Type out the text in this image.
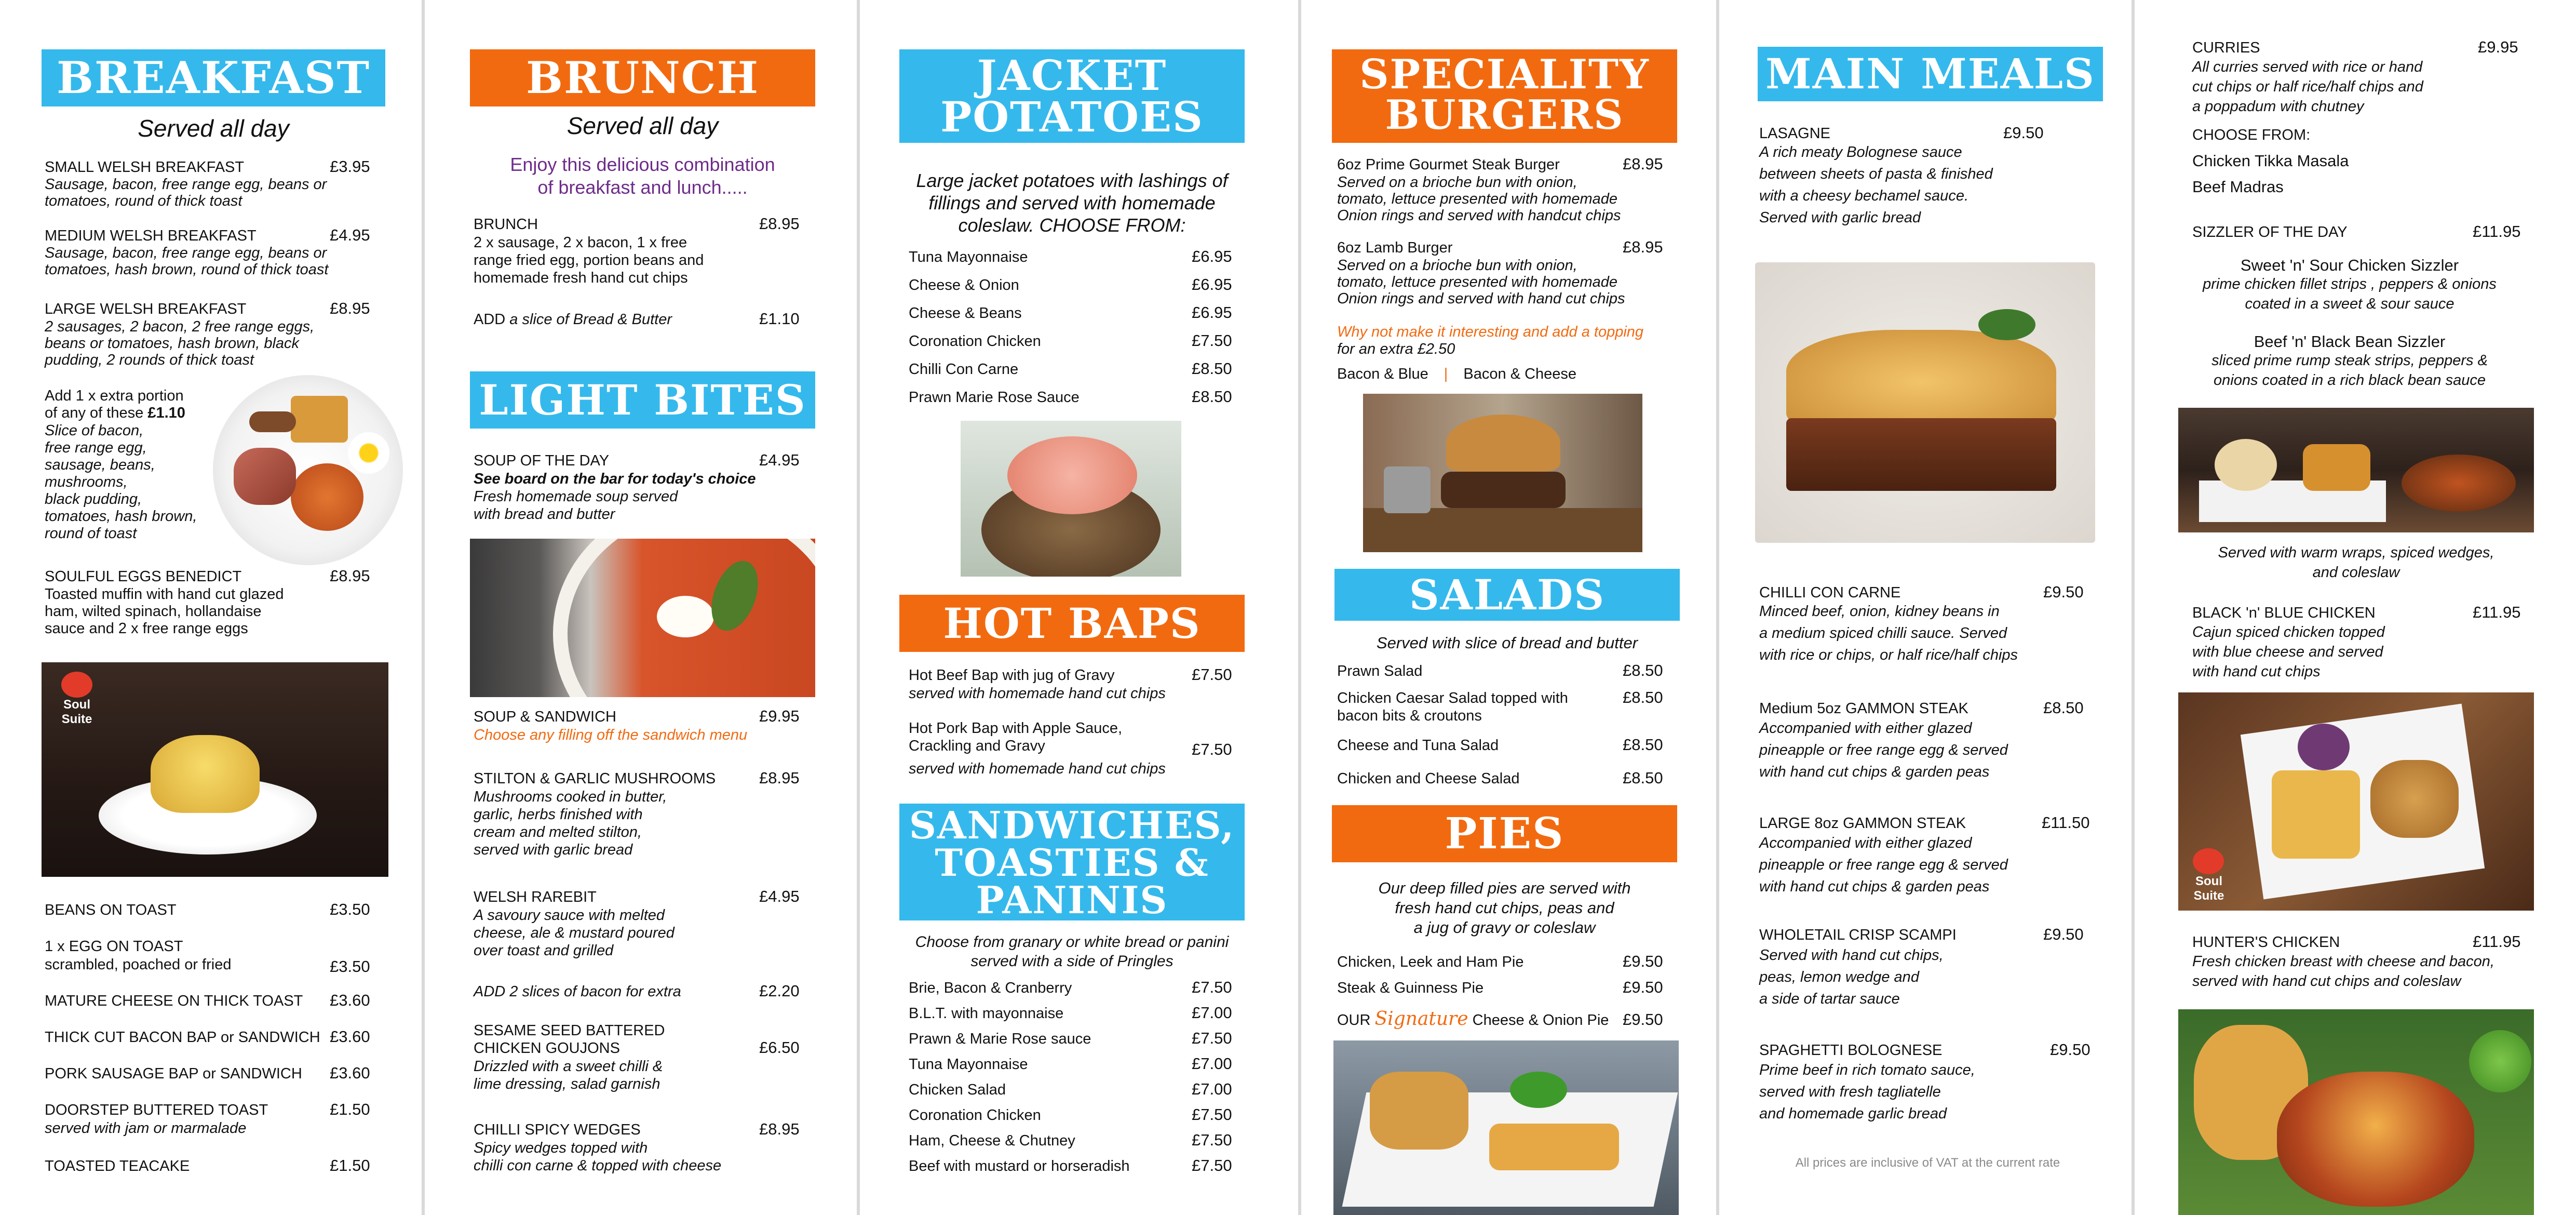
BREAKFAST
Served all day
SMALL WELSH BREAKFAST	£3.95
Sausage, bacon, free range egg, beans or
tomatoes, round of thick toast
MEDIUM WELSH BREAKFAST	£4.95
Sausage, bacon, free range egg, beans or
tomatoes, hash brown, round of thick toast
LARGE WELSH BREAKFAST	£8.95
2 sausages, 2 bacon, 2 free range eggs,
beans or tomatoes, hash brown, black
pudding, 2 rounds of thick toast
Add 1 x extra portion
of any of these £1.10
Slice of bacon,
free range egg,
sausage, beans,
mushrooms,
black pudding,
tomatoes, hash brown,
round of toast
SOULFUL EGGS BENEDICT	£8.95
Toasted muffin with hand cut glazed
ham, wilted spinach, hollandaise
sauce and 2 x free range eggs
Soul
Suite
BEANS ON TOAST	£3.50
1 x EGG ON TOAST
scrambled, poached or fried	£3.50
MATURE CHEESE ON THICK TOAST £3.60
THICK CUT BACON BAP or SANDWICH £3.60
PORK SAUSAGE BAP or SANDWICH £3.60
DOORSTEP BUTTERED TOAST	£1.50
served with jam or marmalade
TOASTED TEACAKE	£1.50
BRUNCH
Served all day
Enjoy this delicious combination
of breakfast and lunch.....
BRUNCH	£8.95
2 x sausage, 2 x bacon, 1 x free
range fried egg, portion beans and
homemade fresh hand cut chips
ADD a slice of Bread & Butter	£1.10
LIGHT BITES
SOUP OF THE DAY	£4.95
See board on the bar for today's choice
Fresh homemade soup served
with bread and butter
SOUP & SANDWICH	£9.95
Choose any filling off the sandwich menu
STILTON & GARLIC MUSHROOMS	£8.95
Mushrooms cooked in butter,
garlic, herbs finished with
cream and melted stilton,
served with garlic bread
WELSH RAREBIT	£4.95
A savoury sauce with melted
cheese, ale & mustard poured
over toast and grilled
ADD 2 slices of bacon for extra	£2.20
SESAME SEED BATTERED
CHICKEN GOUJONS	£6.50
Drizzled with a sweet chilli &
lime dressing, salad garnish
CHILLI SPICY WEDGES	£8.95
Spicy wedges topped with
chilli con carne & topped with cheese
JACKET
POTATOES
Large jacket potatoes with lashings of
fillings and served with homemade
coleslaw. CHOOSE FROM:
Tuna Mayonnaise	£6.95
Cheese & Onion	£6.95
Cheese & Beans	£6.95
Coronation Chicken	£7.50
Chilli Con Carne	£8.50
Prawn Marie Rose Sauce	£8.50
HOT BAPS
Hot Beef Bap with jug of Gravy	£7.50
served with homemade hand cut chips
Hot Pork Bap with Apple Sauce,
Crackling and Gravy	£7.50
served with homemade hand cut chips
SANDWICHES,
TOASTIES &
PANINIS
Choose from granary or white bread or panini
served with a side of Pringles
Brie, Bacon & Cranberry	£7.50
B.L.T. with mayonnaise	£7.00
Prawn & Marie Rose sauce	£7.50
Tuna Mayonnaise	£7.00
Chicken Salad	£7.00
Coronation Chicken	£7.50
Ham, Cheese & Chutney	£7.50
Beef with mustard or horseradish	£7.50
SPECIALITY
BURGERS
6oz Prime Gourmet Steak Burger	£8.95
Served on a brioche bun with onion,
tomato, lettuce presented with homemade
Onion rings and served with handcut chips
6oz Lamb Burger	£8.95
Served on a brioche bun with onion,
tomato, lettuce presented with homemade
Onion rings and served with hand cut chips
Why not make it interesting and add a topping
for an extra £2.50
Bacon & Blue | Bacon & Cheese
SALADS
Served with slice of bread and butter
Prawn Salad	£8.50
Chicken Caesar Salad topped with
bacon bits & croutons
£8.50
Cheese and Tuna Salad	£8.50
Chicken and Cheese Salad	£8.50
PIES
Our deep filled pies are served with
fresh hand cut chips, peas and
a jug of gravy or coleslaw
Chicken, Leek and Ham Pie	£9.50
Steak & Guinness Pie	£9.50
OUR Signature Cheese & Onion Pie £9.50
MAIN MEALS
LASAGNE	£9.50
A rich meaty Bolognese sauce
between sheets of pasta & finished
with a cheesy bechamel sauce.
Served with garlic bread
CHILLI CON CARNE	£9.50
Minced beef, onion, kidney beans in
a medium spiced chilli sauce. Served
with rice or chips, or half rice/half chips
Medium 5oz GAMMON STEAK	£8.50
Accompanied with either glazed
pineapple or free range egg & served
with hand cut chips & garden peas
LARGE 8oz GAMMON STEAK	£11.50
Accompanied with either glazed
pineapple or free range egg & served
with hand cut chips & garden peas
WHOLETAIL CRISP SCAMPI	£9.50
Served with hand cut chips,
peas, lemon wedge and
a side of tartar sauce
SPAGHETTI BOLOGNESE	£9.50
Prime beef in rich tomato sauce,
served with fresh tagliatelle
and homemade garlic bread
All prices are inclusive of VAT at the current rate
CURRIES	£9.95
All curries served with rice or hand
cut chips or half rice/half chips and
a poppadum with chutney
CHOOSE FROM:
Chicken Tikka Masala
Beef Madras
SIZZLER OF THE DAY	£11.95
Sweet 'n' Sour Chicken Sizzler
prime chicken fillet strips , peppers & onions
coated in a sweet & sour sauce
Beef 'n' Black Bean Sizzler
sliced prime rump steak strips, peppers &
onions coated in a rich black bean sauce
Served with warm wraps, spiced wedges,
and coleslaw
BLACK 'n' BLUE CHICKEN	£11.95
Cajun spiced chicken topped
with blue cheese and served
with hand cut chips
Soul
Suite
HUNTER'S CHICKEN	£11.95
Fresh chicken breast with cheese and bacon,
served with hand cut chips and coleslaw
